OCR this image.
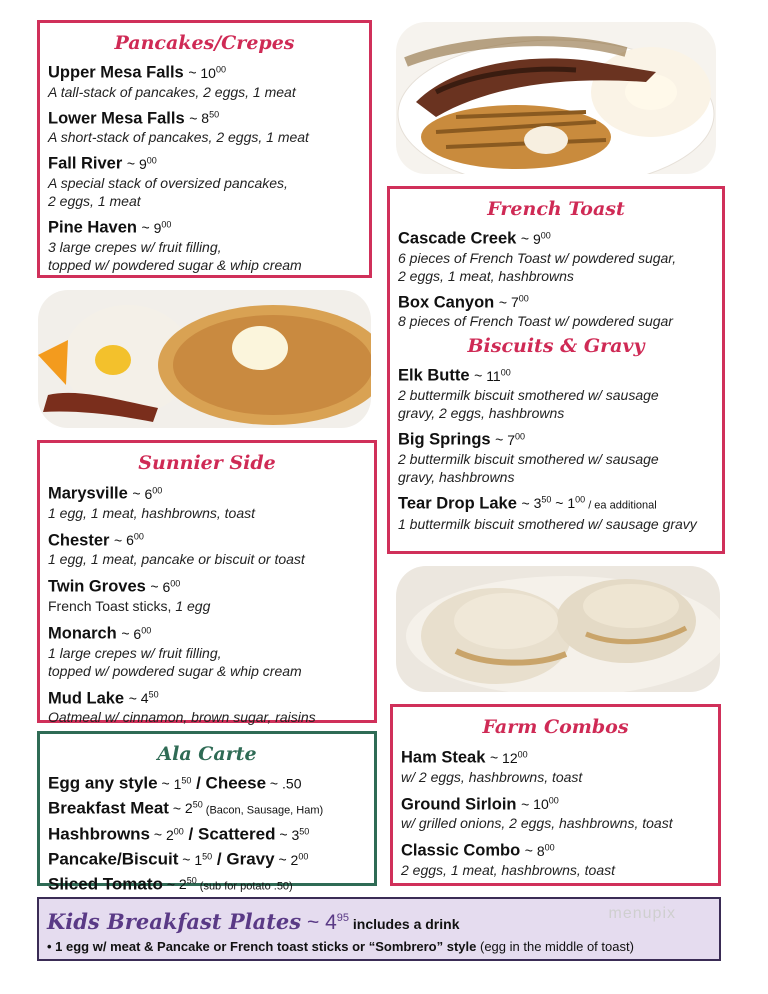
Pancakes/Crepes

Upper Mesa Falls ~ $10^{00}$
A tall-stack of pancakes, 2 eggs, 1 meat
Lower Mesa Falls ~ $8^{50}$
A short-stack of pancakes, 2 eggs, 1 meat
Fall River ~ $9^{00}$
A special stack of oversized pancakes,
2 eggs, 1 meat
Pine Haven ~ $9^{00}$
3 large crepes w/ fruit filling,
topped w/ powdered sugar & whip cream

Sunnier Side

Marysville ~ $6^{00}$
1 egg, 1 meat, hashbrowns, toast
Chester ~ $6^{00}$
1 egg, 1 meat, pancake or biscuit or toast
Twin Groves ~ $6^{00}$
French Toast sticks, 1 egg
Monarch ~ $6^{00}$
1 large crepes w/ fruit filling,
topped w/ powdered sugar & whip cream
Mud Lake ~ $4^{50}$
Oatmeal w/ cinnamon, brown sugar, raisins

Ala Carte

Egg any style ~ $1^{50}$ / Cheese ~ .50
Breakfast Meat ~ $2^{50}$ (Bacon, Sausage, Ham)
Hashbrowns ~ $2^{00}$ / Scattered ~ $3^{50}$
Pancake/Biscuit ~ $1^{50}$ / Gravy ~ $2^{00}$
Sliced Tomato ~ $2^{50}$ (sub for potato .50)

French Toast

Cascade Creek ~ $9^{00}$
6 pieces of French Toast w/ powdered sugar,
2 eggs, 1 meat, hashbrowns
Box Canyon ~ $7^{00}$
8 pieces of French Toast w/ powdered sugar

Biscuits & Gravy

Elk Butte ~ $11^{00}$
2 buttermilk biscuit smothered w/ sausage
gravy, 2 eggs, hashbrowns
Big Springs ~ $7^{00}$
2 buttermilk biscuit smothered w/ sausage
gravy, hashbrowns
Tear Drop Lake ~ $3^{50}$ ~ $1^{00}$ / ea additional
1 buttermilk biscuit smothered w/ sausage gravy

Farm Combos

Ham Steak ~ $12^{00}$
w/ 2 eggs, hashbrowns, toast
Ground Sirloin ~ $10^{00}$
w/ grilled onions, 2 eggs, hashbrowns, toast
Classic Combo ~ $8^{00}$
2 eggs, 1 meat, hashbrowns, toast
Kids Breakfast Plates ~ $4^{95}$ includes a drink
• 1 egg w/ meat & Pancake or French toast sticks or “Sombrero” style (egg in the middle of toast)
menupix
